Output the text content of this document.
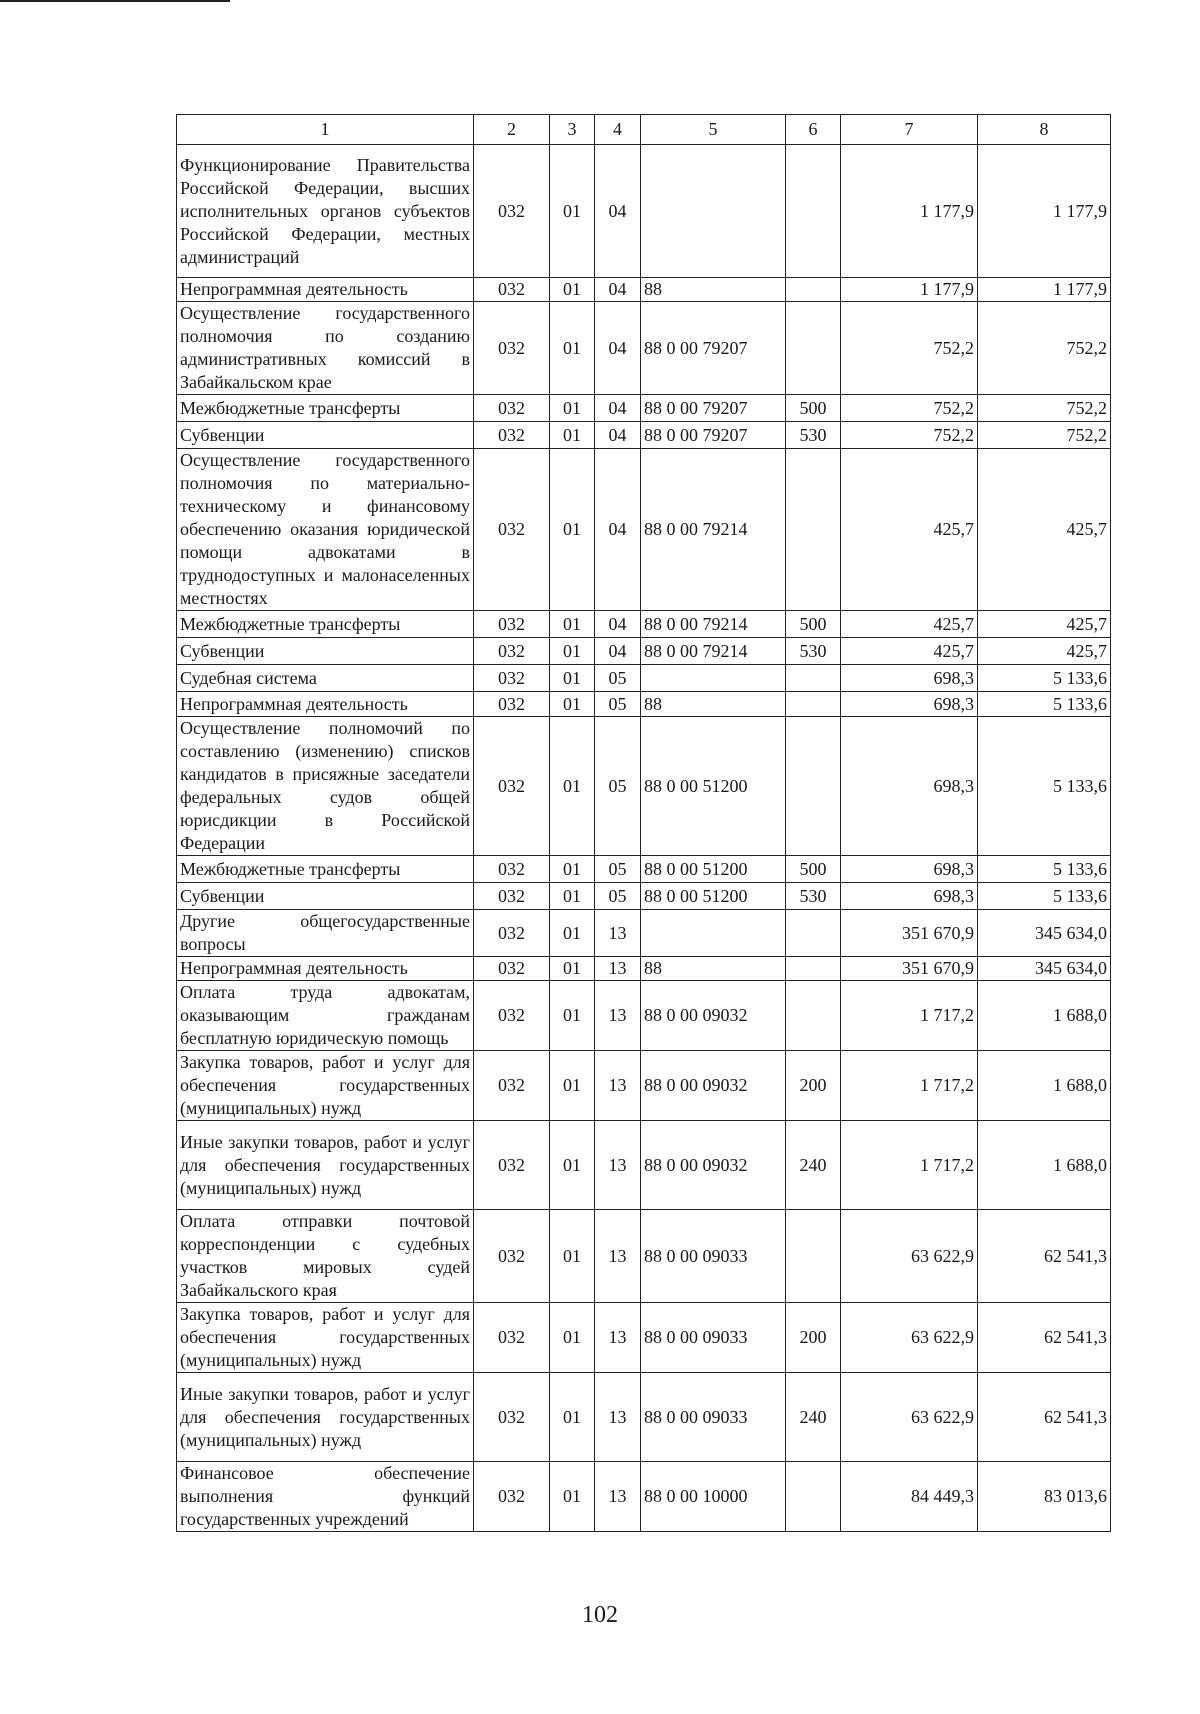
1	2	3	4	5	6	7	8
Функционирование Правительства Российской Федерации, высших исполнительных органов субъектов Российской Федерации, местных администраций	032	01	04			1 177,9	1 177,9
Непрограммная деятельность	032	01	04	88		1 177,9	1 177,9
Осуществление государственного полномочия по созданию административных комиссий в Забайкальском крае	032	01	04	88 0 00 79207		752,2	752,2
Межбюджетные трансферты	032	01	04	88 0 00 79207	500	752,2	752,2
Субвенции	032	01	04	88 0 00 79207	530	752,2	752,2
Осуществление государственного полномочия по материально-техническому и финансовому обеспечению оказания юридической помощи адвокатами в труднодоступных и малонаселенных местностях	032	01	04	88 0 00 79214		425,7	425,7
Межбюджетные трансферты	032	01	04	88 0 00 79214	500	425,7	425,7
Субвенции	032	01	04	88 0 00 79214	530	425,7	425,7
Судебная система	032	01	05			698,3	5 133,6
Непрограммная деятельность	032	01	05	88		698,3	5 133,6
Осуществление полномочий по составлению (изменению) списков кандидатов в присяжные заседатели федеральных судов общей юрисдикции в Российской Федерации	032	01	05	88 0 00 51200		698,3	5 133,6
Межбюджетные трансферты	032	01	05	88 0 00 51200	500	698,3	5 133,6
Субвенции	032	01	05	88 0 00 51200	530	698,3	5 133,6
Другие общегосударственные вопросы	032	01	13			351 670,9	345 634,0
Непрограммная деятельность	032	01	13	88		351 670,9	345 634,0
Оплата труда адвокатам, оказывающим гражданам бесплатную юридическую помощь	032	01	13	88 0 00 09032		1 717,2	1 688,0
Закупка товаров, работ и услуг для обеспечения государственных (муниципальных) нужд	032	01	13	88 0 00 09032	200	1 717,2	1 688,0
Иные закупки товаров, работ и услуг для обеспечения государственных (муниципальных) нужд	032	01	13	88 0 00 09032	240	1 717,2	1 688,0
Оплата отправки почтовой корреспонденции с судебных участков мировых судей Забайкальского края	032	01	13	88 0 00 09033		63 622,9	62 541,3
Закупка товаров, работ и услуг для обеспечения государственных (муниципальных) нужд	032	01	13	88 0 00 09033	200	63 622,9	62 541,3
Иные закупки товаров, работ и услуг для обеспечения государственных (муниципальных) нужд	032	01	13	88 0 00 09033	240	63 622,9	62 541,3
Финансовое обеспечение выполнения функций государственных учреждений	032	01	13	88 0 00 10000		84 449,3	83 013,6
102
